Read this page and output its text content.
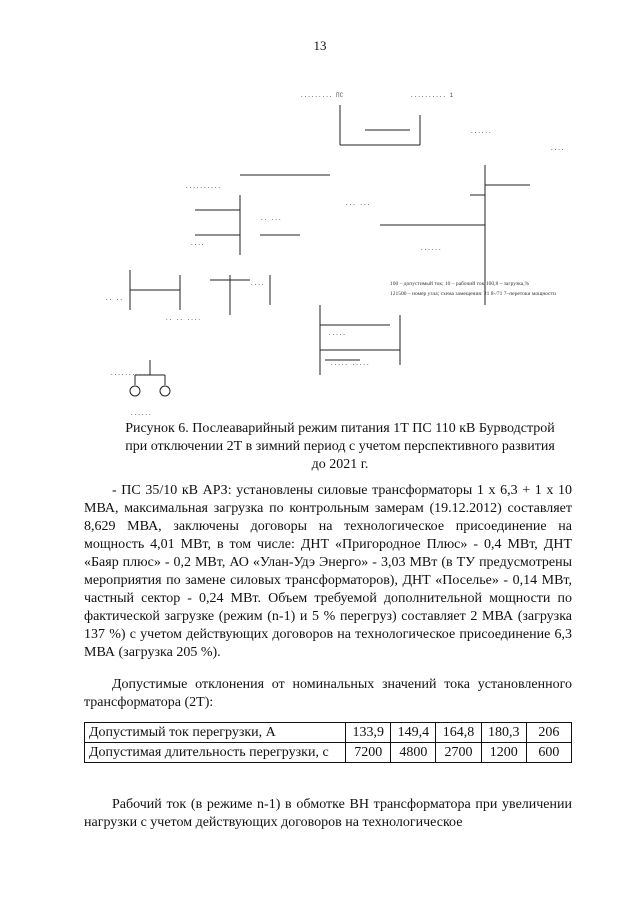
13
......... ПС	.......... 1
......
....
..........
.. ...
....
... ...
......
.. ..
.. .. ....
....
.....
..... .....
...........
......
100 – допустимый ток; 10 – рабочий ток;100,8 – загрузка,%
121500 – номер узла; схема замещения: 21 8-/71 7–перетоки мощности
Рисунок 6. Послеаварийный режим питания 1Т ПС 110 кВ Бурводстрой
при отключении 2Т в зимний период с учетом перспективного развития
до 2021 г.
- ПС 35/10 кВ АРЗ: установлены силовые трансформаторы 1 х 6,3 + 1 х 10 МВА, максимальная загрузка по контрольным замерам (19.12.2012) составляет 8,629 МВА, заключены договоры на технологическое присоединение на мощность 4,01 МВт, в том числе: ДНТ «Пригородное Плюс» - 0,4 МВт, ДНТ «Баяр плюс» - 0,2 МВт, АО «Улан-Удэ Энерго» - 3,03 МВт (в ТУ предусмотрены мероприятия по замене силовых трансформаторов), ДНТ «Поселье» - 0,14 МВт, частный сектор - 0,24 МВт. Объем требуемой дополнительной мощности по фактической загрузке (режим (n-1) и 5 % перегруз) составляет 2 МВА (загрузка 137 %) с учетом действующих договоров на технологическое присоединение 6,3 МВА (загрузка 205 %).
Допустимые отклонения от номинальных значений тока установленного трансформатора (2Т):
Допустимый ток перегрузки, А	133,9	149,4	164,8	180,3	206
Допустимая длительность перегрузки, с	7200	4800	2700	1200	600
Рабочий ток (в режиме n-1) в обмотке ВН трансформатора при увеличении нагрузки с учетом действующих договоров на технологическое
